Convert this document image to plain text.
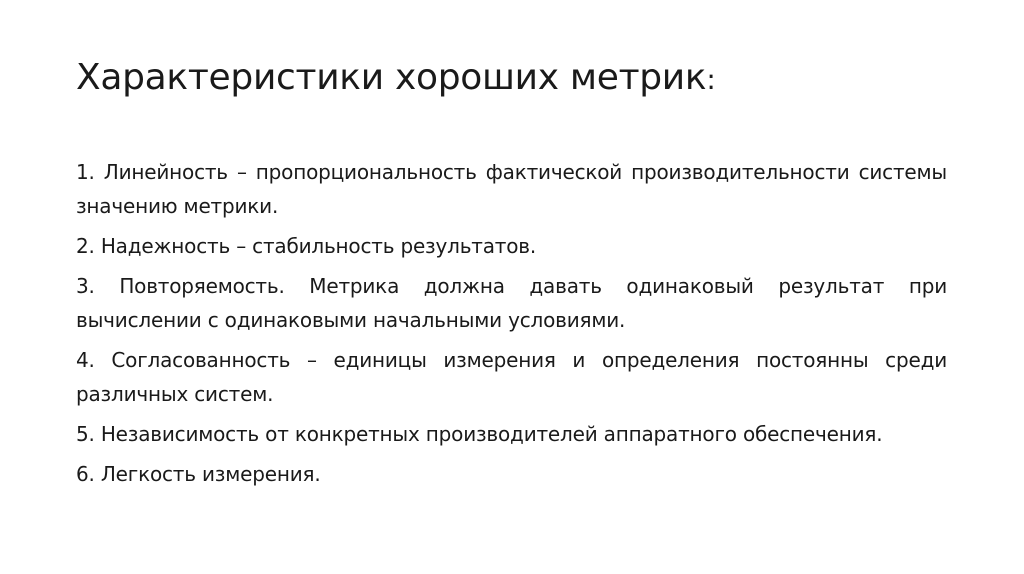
Характеристики хороших метрик:
1. Линейность – пропорциональность фактической производительности системы значению метрики.
2. Надежность – стабильность результатов.
3. Повторяемость. Метрика должна давать одинаковый результат при вычислении с одинаковыми начальными условиями.
4. Согласованность – единицы измерения и определения постоянны среди различных систем.
5. Независимость от конкретных производителей аппаратного обеспечения.
6. Легкость измерения.
